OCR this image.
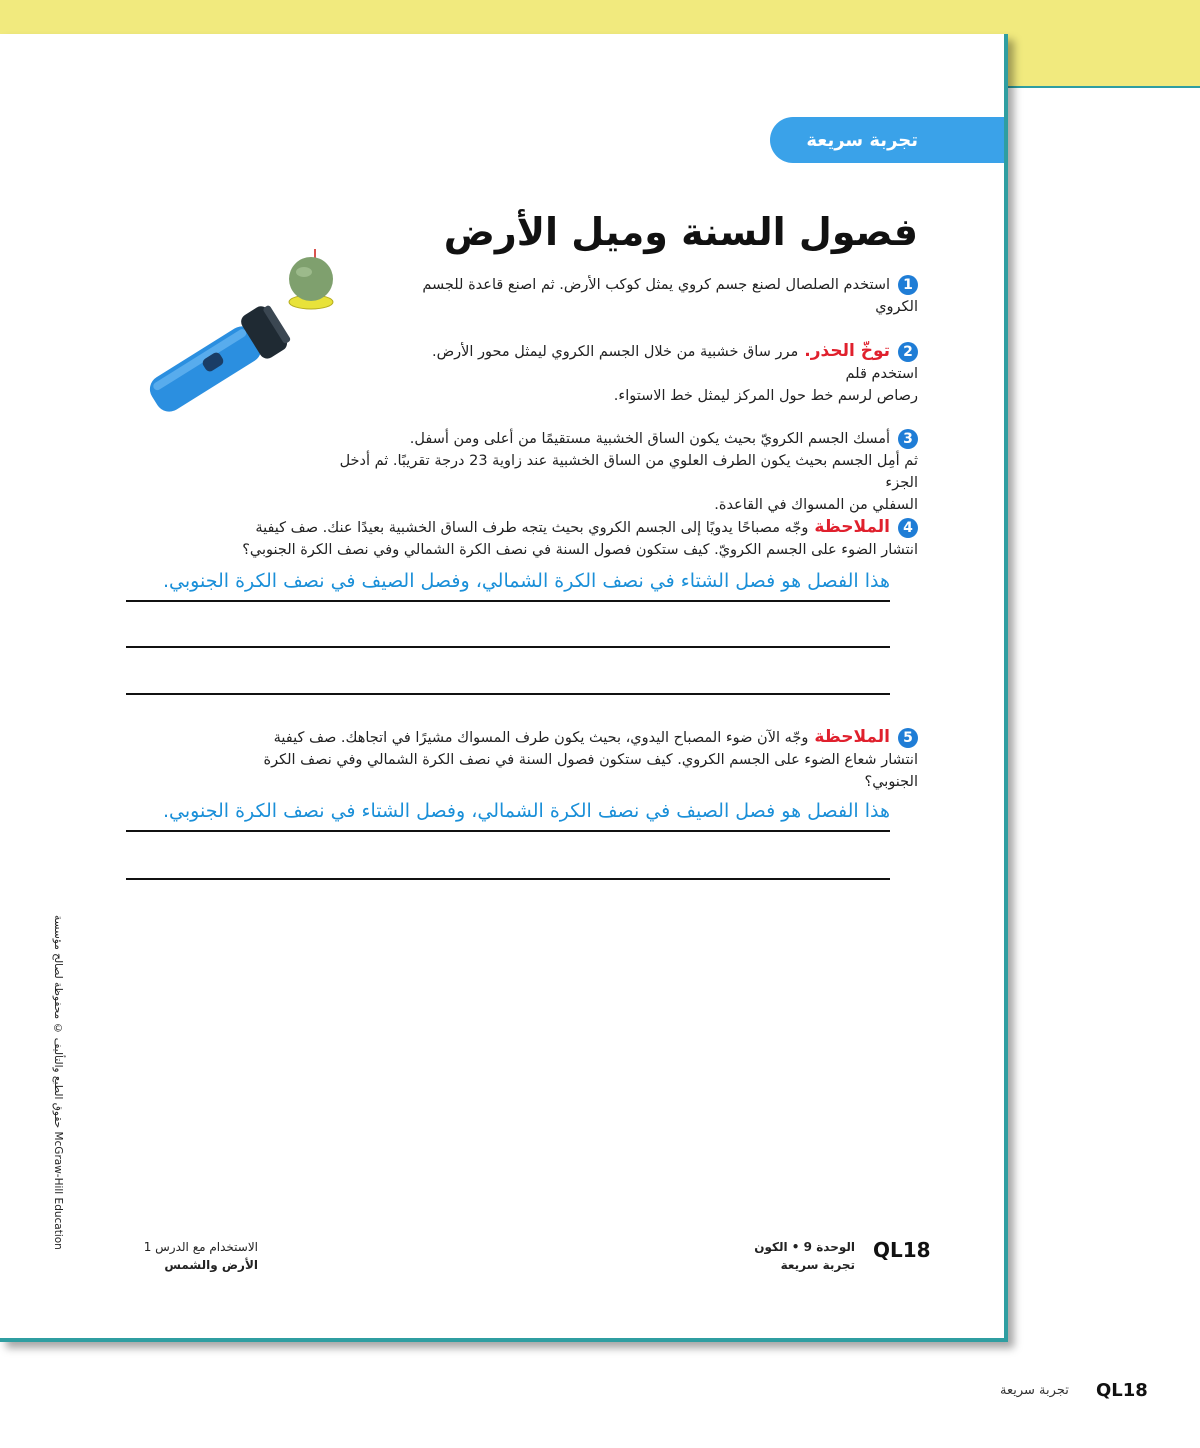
تجربة سريعة
فصول السنة وميل الأرض
1استخدم الصلصال لصنع جسم كروي يمثل كوكب الأرض. ثم اصنع قاعدة للجسم
الكروي
2توخّ الحذر.مرر ساق خشبية من خلال الجسم الكروي ليمثل محور الأرض.
استخدم قلم
رصاص لرسم خط حول المركز ليمثل خط الاستواء.
3أمسك الجسم الكرويّ بحيث يكون الساق الخشبية مستقيمًا من أعلى ومن أسفل.
ثم أمِل الجسم بحيث يكون الطرف العلوي من الساق الخشبية عند زاوية 23 درجة تقريبًا. ثم أدخل الجزء
السفلي من المسواك في القاعدة.
4الملاحظةوجّه مصباحًا يدويًا إلى الجسم الكروي بحيث يتجه طرف الساق الخشبية بعيدًا عنك. صف كيفية
انتشار الضوء على الجسم الكرويّ. كيف ستكون فصول السنة في نصف الكرة الشمالي وفي نصف الكرة الجنوبي؟
هذا الفصل هو فصل الشتاء في نصف الكرة الشمالي، وفصل الصيف في نصف الكرة الجنوبي.
5الملاحظةوجّه الآن ضوء المصباح اليدوي، بحيث يكون طرف المسواك مشيرًا في اتجاهك. صف كيفية
انتشار شعاع الضوء على الجسم الكروي. كيف ستكون فصول السنة في نصف الكرة الشمالي وفي نصف الكرة
الجنوبي؟
هذا الفصل هو فصل الصيف في نصف الكرة الشمالي، وفصل الشتاء في نصف الكرة الجنوبي.
حقوق الطبع والتأليف © محفوظة لصالح مؤسسة McGraw-Hill Education	الاستخدام مع الدرس 1
الأرض والشمس
الوحدة 9 • الكون
تجربة سريعة
QL18
تجربة سريعة QL18
